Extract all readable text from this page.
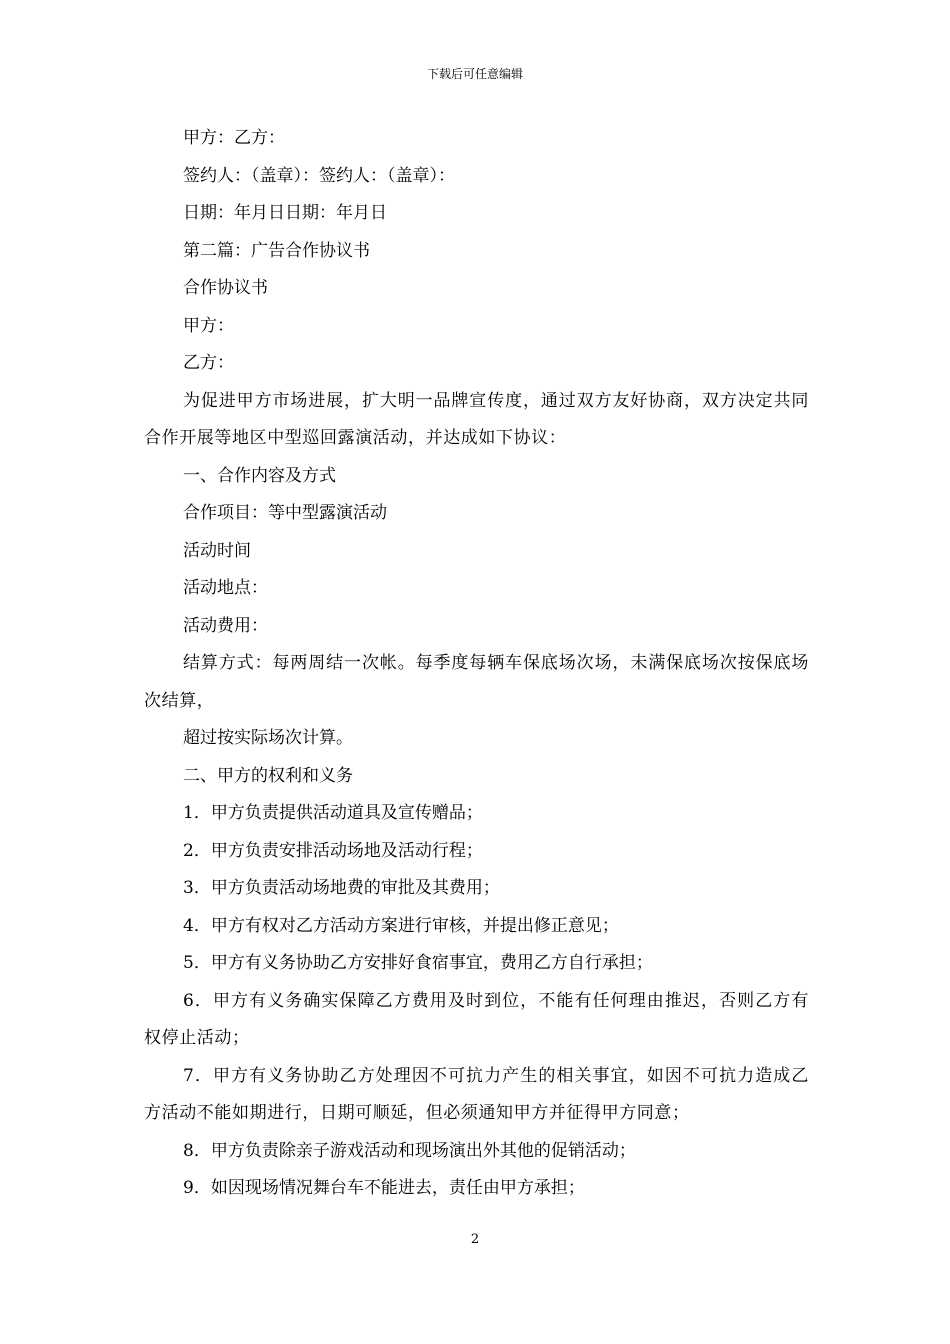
下载后可任意编辑

甲方：乙方：

签约人：（盖章）：签约人：（盖章）：

日期：年月日日期：年月日

第二篇：广告合作协议书

合作协议书

甲方：

乙方：

为促进甲方市场进展，扩大明一品牌宣传度，通过双方友好协商，双方决定共同合作开展等地区中型巡回露演活动，并达成如下协议：

一、合作内容及方式

合作项目：等中型露演活动

活动时间

活动地点：

活动费用：

结算方式：每两周结一次帐。每季度每辆车保底场次场，未满保底场次按保底场次结算，

超过按实际场次计算。

二、甲方的权利和义务

1．甲方负责提供活动道具及宣传赠品；

2．甲方负责安排活动场地及活动行程；

3．甲方负责活动场地费的审批及其费用；

4．甲方有权对乙方活动方案进行审核，并提出修正意见；

5．甲方有义务协助乙方安排好食宿事宜，费用乙方自行承担；

6．甲方有义务确实保障乙方费用及时到位，不能有任何理由推迟，否则乙方有权停止活动；

7．甲方有义务协助乙方处理因不可抗力产生的相关事宜，如因不可抗力造成乙方活动不能如期进行，日期可顺延，但必须通知甲方并征得甲方同意；

8．甲方负责除亲子游戏活动和现场演出外其他的促销活动；

9．如因现场情况舞台车不能进去，责任由甲方承担；

2
